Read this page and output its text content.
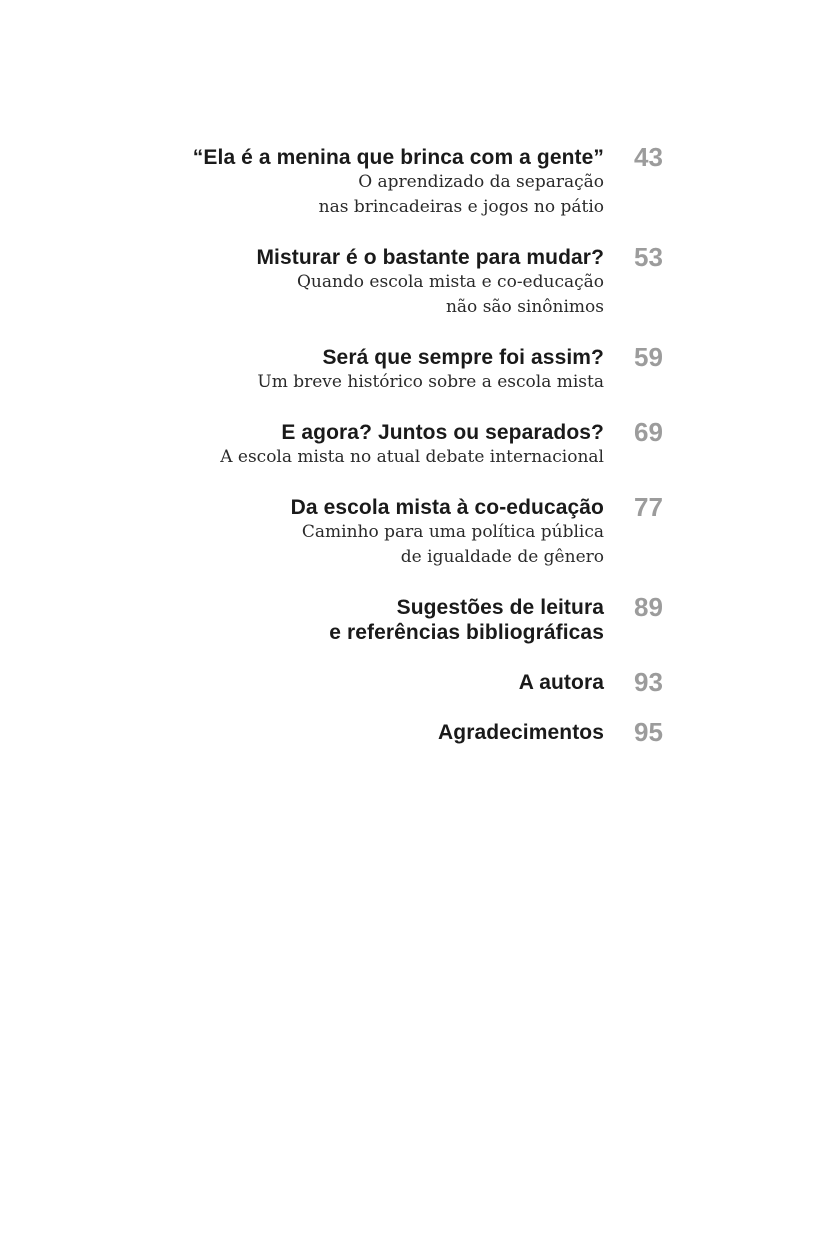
“Ela é a menina que brinca com a gente”

O aprendizado da separação

nas brincadeiras e jogos no pátio

43

Misturar é o bastante para mudar?

Quando escola mista e co-educação

não são sinônimos

53

Será que sempre foi assim?

Um breve histórico sobre a escola mista

59

E agora? Juntos ou separados?

A escola mista no atual debate internacional

69

Da escola mista à co-educação

Caminho para uma política pública

de igualdade de gênero

77

Sugestões de leitura

e referências bibliográficas

89

A autora 93

Agradecimentos 95
